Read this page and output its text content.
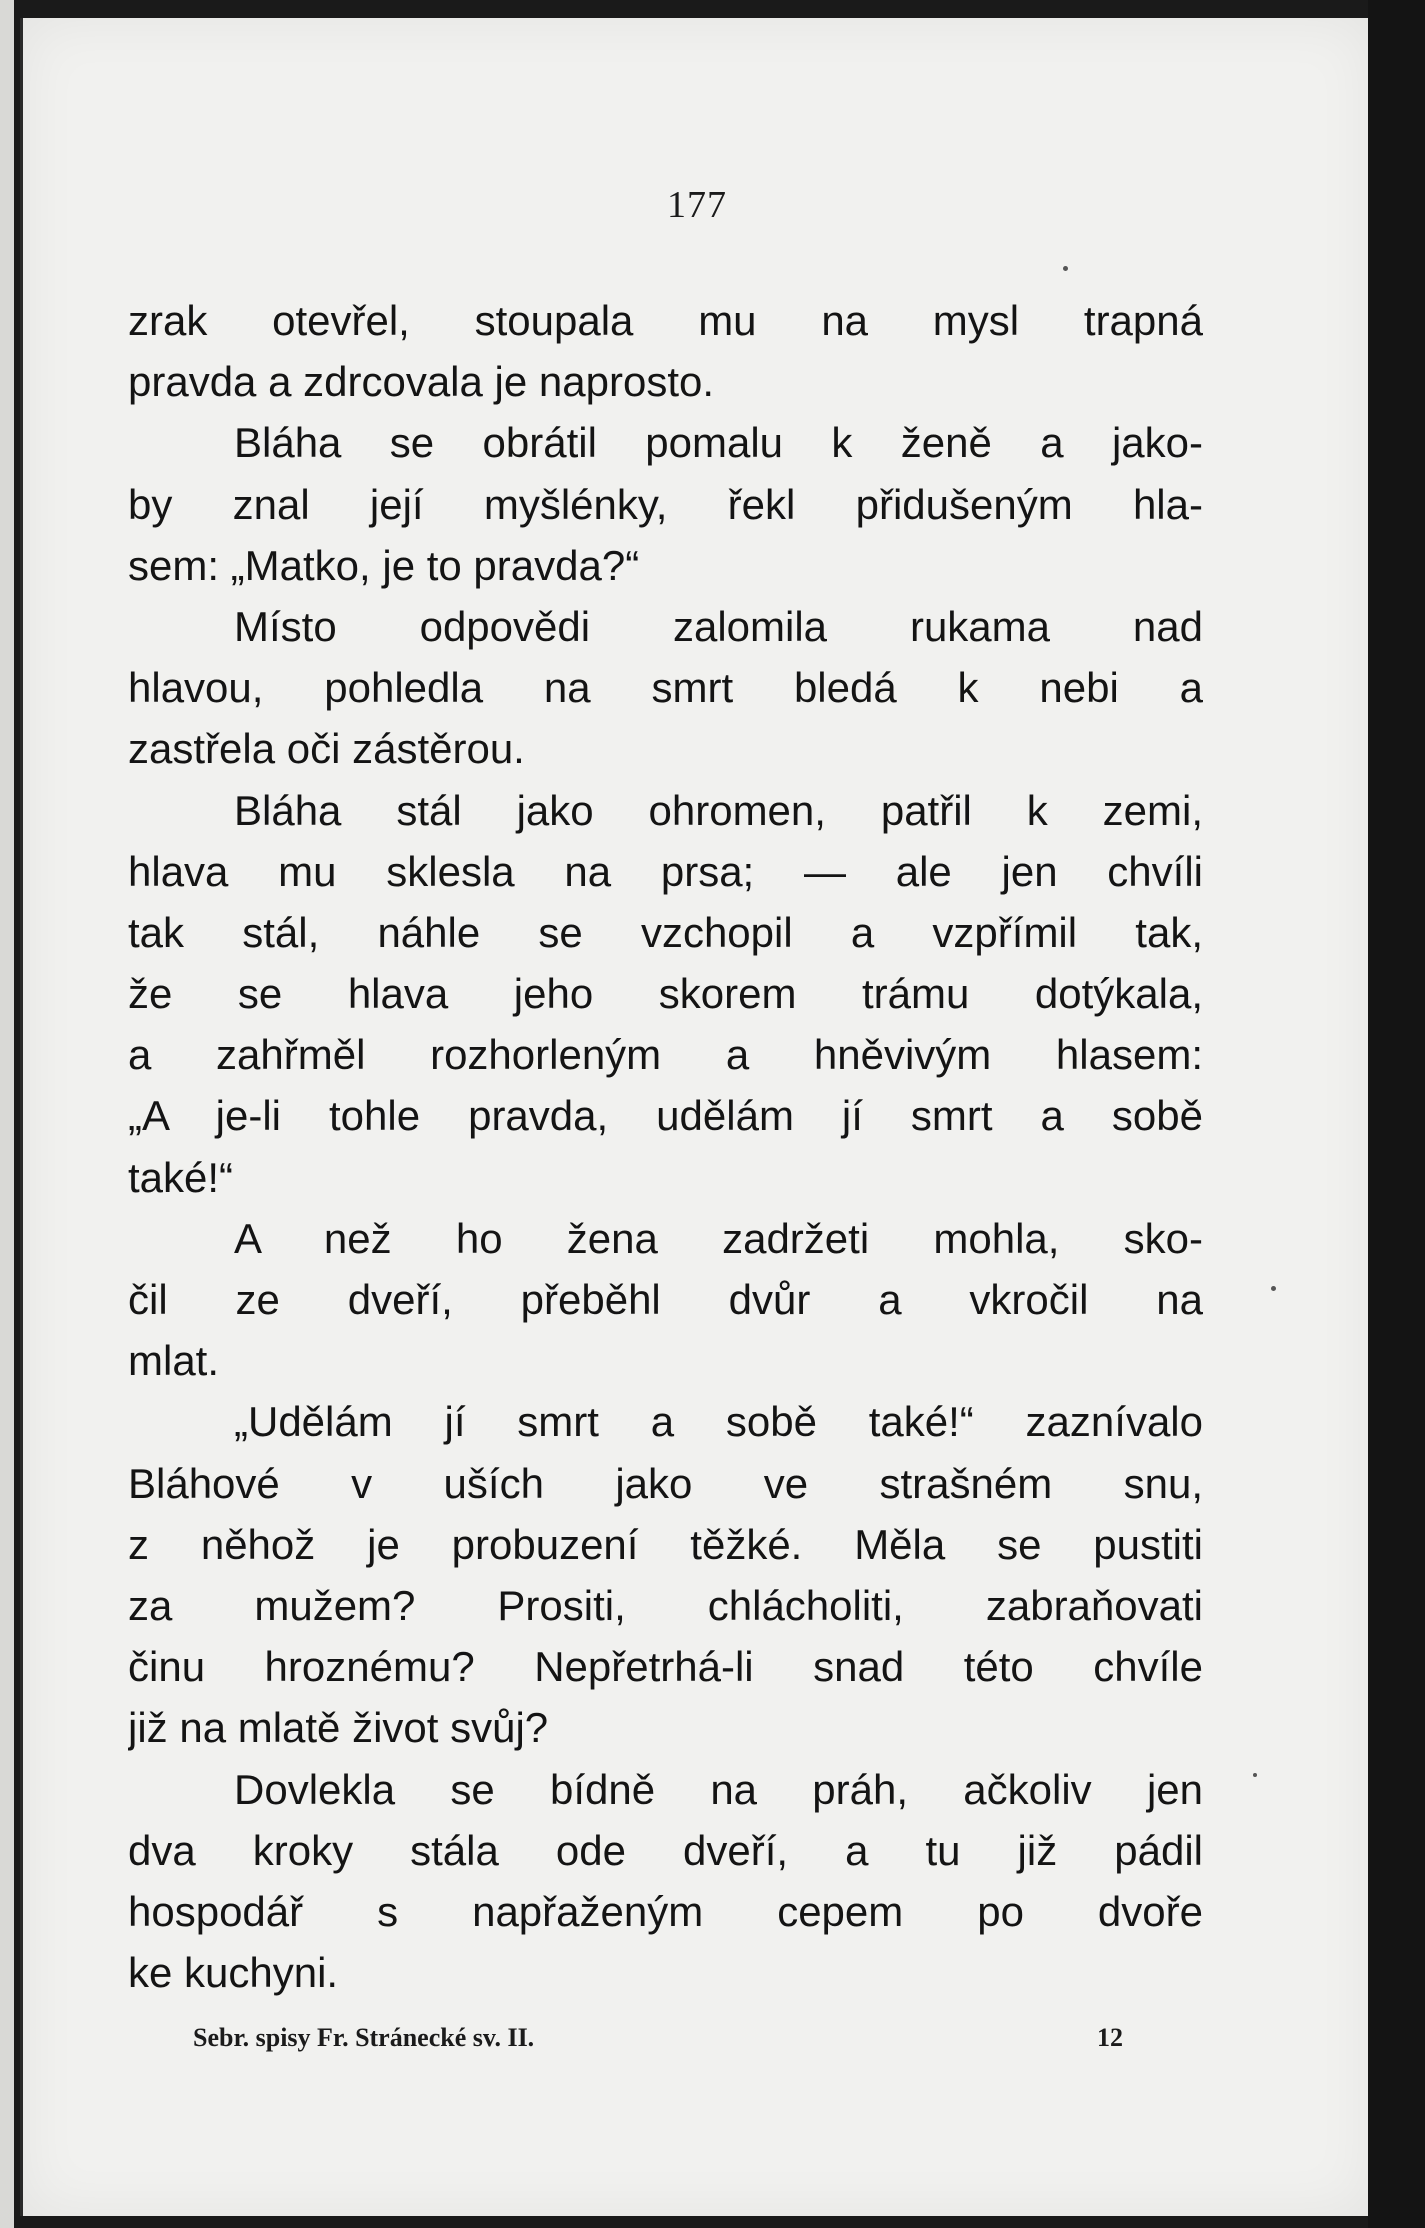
177
zrak otevřel, stoupala mu na mysl trapná
pravda a zdrcovala je naprosto.
Bláha se obrátil pomalu k ženě a jako-
by znal její myšlénky, řekl přidušeným hla-
sem: „Matko, je to pravda?“
Místo odpovědi zalomila rukama nad
hlavou, pohledla na smrt bledá k nebi a
zastřela oči zástěrou.
Bláha stál jako ohromen, patřil k zemi,
hlava mu sklesla na prsa; — ale jen chvíli
tak stál, náhle se vzchopil a vzpřímil tak,
že se hlava jeho skorem trámu dotýkala,
a zahřměl rozhorleným a hněvivým hlasem:
„A je-li tohle pravda, udělám jí smrt a sobě
také!“
A než ho žena zadržeti mohla, sko-
čil ze dveří, přeběhl dvůr a vkročil na
mlat.
„Udělám jí smrt a sobě také!“ zaznívalo
Bláhové v uších jako ve strašném snu,
z něhož je probuzení těžké. Měla se pustiti
za mužem? Prositi, chlácholiti, zabraňovati
činu hroznému? Nepřetrhá-li snad této chvíle
již na mlatě život svůj?
Dovlekla se bídně na práh, ačkoliv jen
dva kroky stála ode dveří, a tu již pádil
hospodář s napřaženým cepem po dvoře
ke kuchyni.
Sebr. spisy Fr. Stránecké sv. II.	12
